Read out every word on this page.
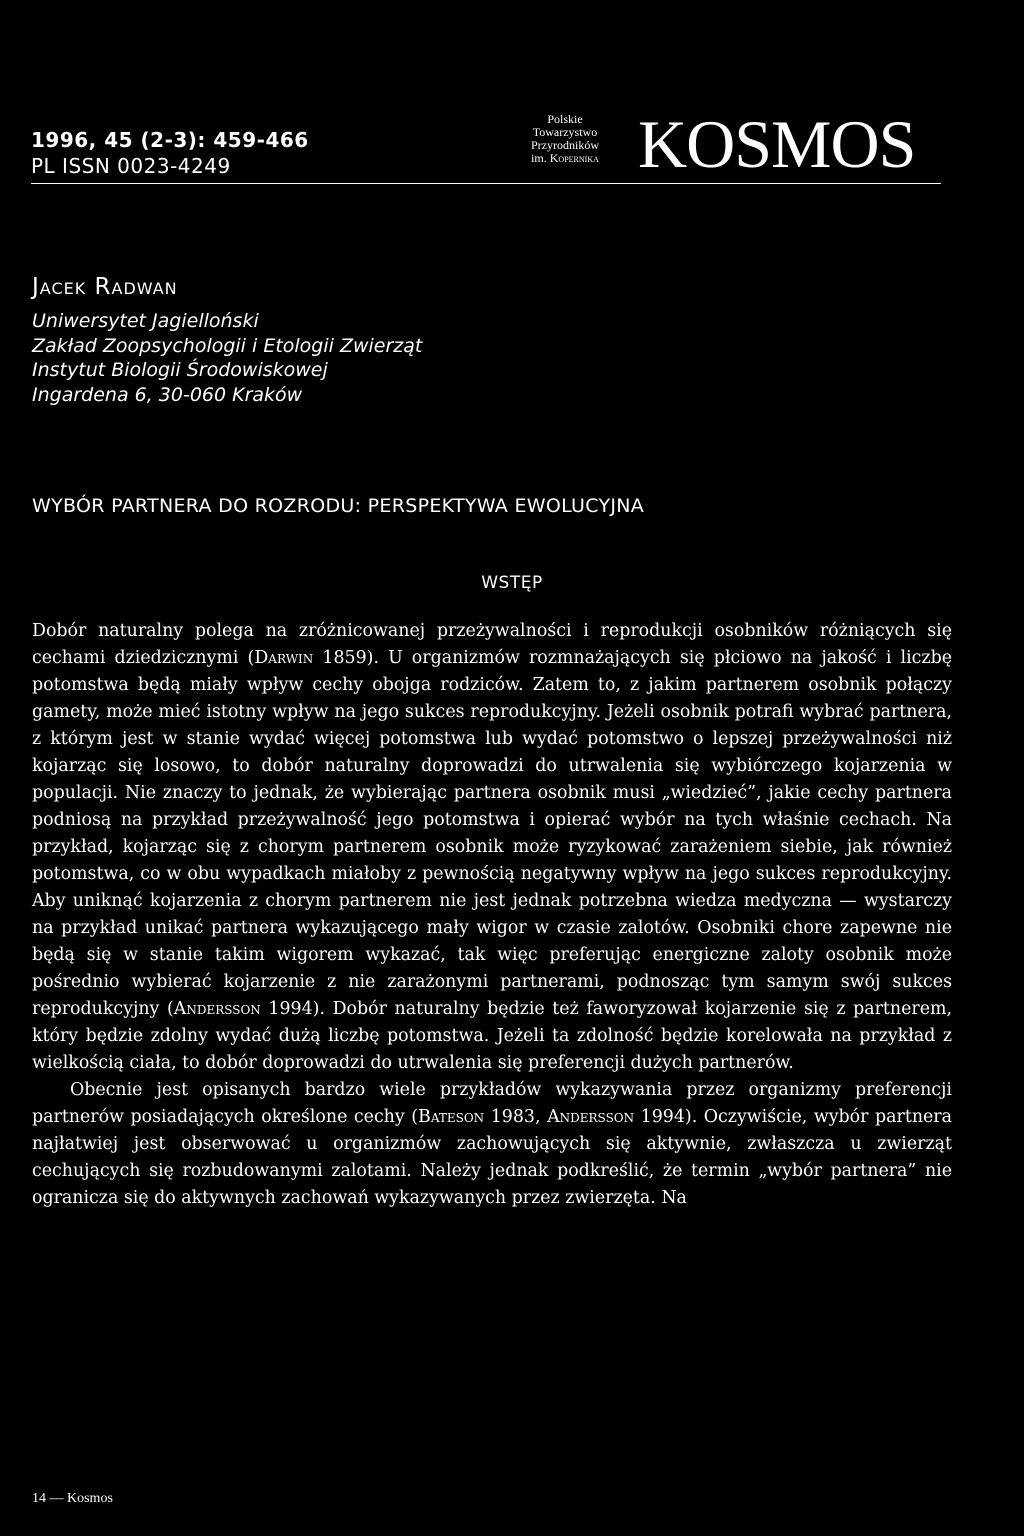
1996, 45 (2-3): 459-466
PL ISSN 0023-4249
Polskie
Towarzystwo
Przyrodników
im. Kopernika KOSMOS
Jacek Radwan
Uniwersytet Jagielloński
Zakład Zoopsychologii i Etologii Zwierząt
Instytut Biologii Środowiskowej
Ingardena 6, 30-060 Kraków
WYBÓR PARTNERA DO ROZRODU: PERSPEKTYWA EWOLUCYJNA
WSTĘP

Dobór naturalny polega na zróżnicowanej przeżywalności i reprodukcji osobników różniących się cechami dziedzicznymi (Darwin 1859). U organizmów rozmnażających się płciowo na jakość i liczbę potomstwa będą miały wpływ cechy obojga rodziców. Zatem to, z jakim partnerem osobnik połączy gamety, może mieć istotny wpływ na jego sukces reprodukcyjny. Jeżeli osobnik potrafi wybrać partnera, z którym jest w stanie wydać więcej potomstwa lub wydać potomstwo o lepszej przeżywalności niż kojarząc się losowo, to dobór naturalny doprowadzi do utrwalenia się wybiórczego kojarzenia w populacji. Nie znaczy to jednak, że wybierając partnera osobnik musi „wiedzieć”, jakie cechy partnera podniosą na przykład przeżywalność jego potomstwa i opierać wybór na tych właśnie cechach. Na przykład, kojarząc się z chorym partnerem osobnik może ryzykować zarażeniem siebie, jak również potomstwa, co w obu wypadkach miałoby z pewnością negatywny wpływ na jego sukces reprodukcyjny. Aby uniknąć kojarzenia z chorym partnerem nie jest jednak potrzebna wiedza medyczna — wystarczy na przykład unikać partnera wykazującego mały wigor w czasie zalotów. Osobniki chore zapewne nie będą się w stanie takim wigorem wykazać, tak więc preferując energiczne zaloty osobnik może pośrednio wybierać kojarzenie z nie zarażonymi partnerami, podnosząc tym samym swój sukces reprodukcyjny (Andersson 1994). Dobór naturalny będzie też faworyzował kojarzenie się z partnerem, który będzie zdolny wydać dużą liczbę potomstwa. Jeżeli ta zdolność będzie korelowała na przykład z wielkością ciała, to dobór doprowadzi do utrwalenia się preferencji dużych partnerów.

Obecnie jest opisanych bardzo wiele przykładów wykazywania przez organizmy preferencji partnerów posiadających określone cechy (Bateson 1983, Andersson 1994). Oczywiście, wybór partnera najłatwiej jest obserwować u organizmów zachowujących się aktywnie, zwłaszcza u zwierząt cechujących się rozbudowanymi zalotami. Należy jednak podkreślić, że termin „wybór partnera” nie ogranicza się do aktywnych zachowań wykazywanych przez zwierzęta. Na

14 — Kosmos
